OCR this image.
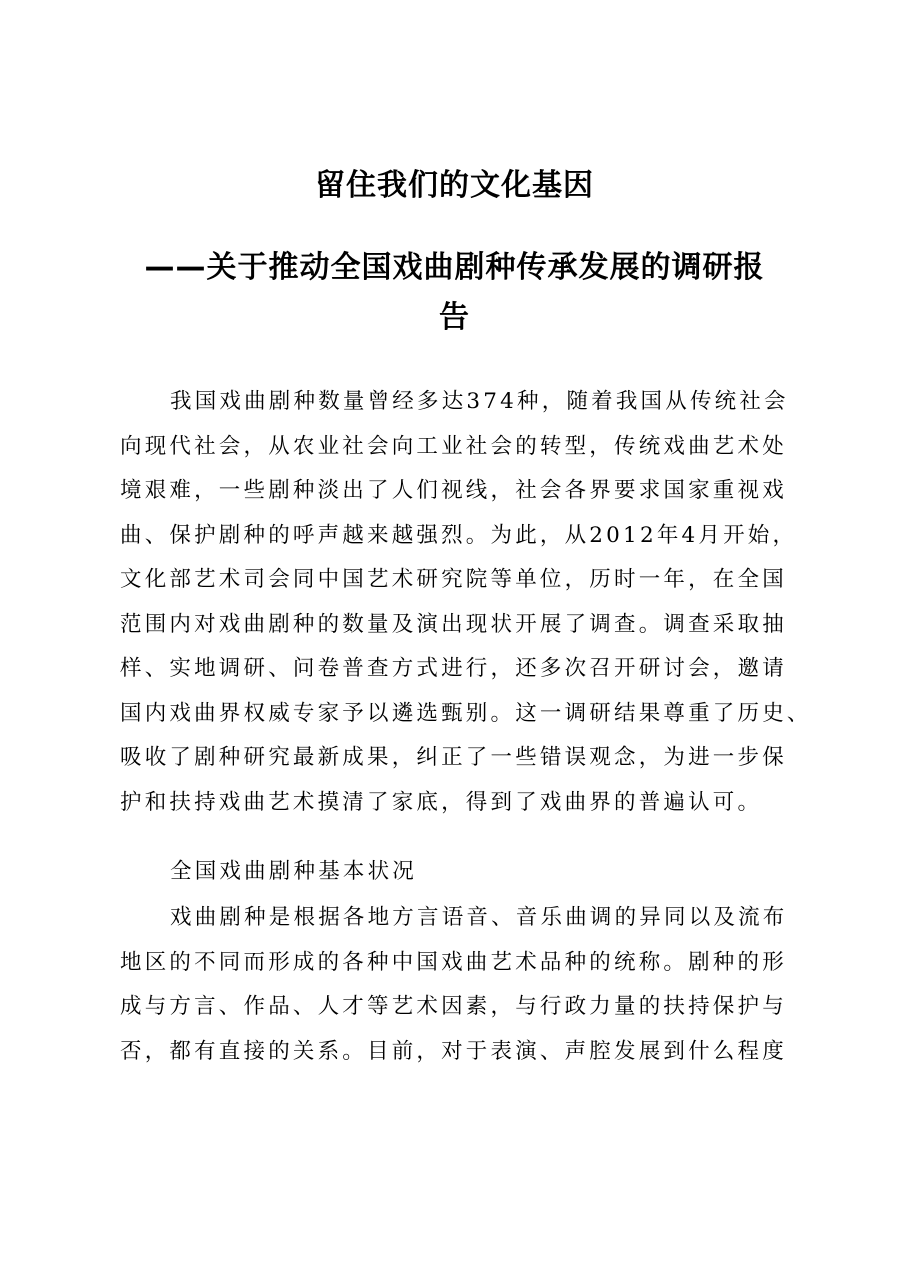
留住我们的文化基因
——关于推动全国戏曲剧种传承发展的调研报
告
我国戏曲剧种数量曾经多达374种，随着我国从传统社会
向现代社会，从农业社会向工业社会的转型，传统戏曲艺术处
境艰难，一些剧种淡出了人们视线，社会各界要求国家重视戏
曲、保护剧种的呼声越来越强烈。为此，从2012年4月开始，
文化部艺术司会同中国艺术研究院等单位，历时一年，在全国
范围内对戏曲剧种的数量及演出现状开展了调查。调查采取抽
样、实地调研、问卷普查方式进行，还多次召开研讨会，邀请
国内戏曲界权威专家予以遴选甄别。这一调研结果尊重了历史、
吸收了剧种研究最新成果，纠正了一些错误观念，为进一步保
护和扶持戏曲艺术摸清了家底，得到了戏曲界的普遍认可。
全国戏曲剧种基本状况
戏曲剧种是根据各地方言语音、音乐曲调的异同以及流布
地区的不同而形成的各种中国戏曲艺术品种的统称。剧种的形
成与方言、作品、人才等艺术因素，与行政力量的扶持保护与
否，都有直接的关系。目前，对于表演、声腔发展到什么程度
